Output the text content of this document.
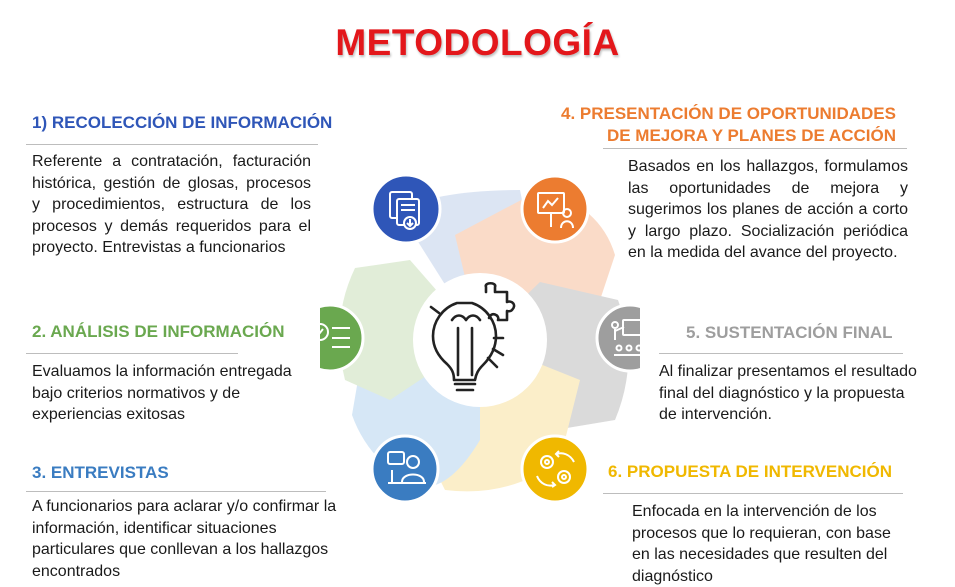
METODOLOGÍA
1) RECOLECCIÓN DE INFORMACIÓN
Referente a contratación, facturación histórica, gestión de glosas, procesos y procedimientos, estructura de los procesos y demás requeridos para el proyecto. Entrevistas a funcionarios
2. ANÁLISIS DE INFORMACIÓN
Evaluamos la información entregada bajo criterios normativos y de experiencias exitosas
3. ENTREVISTAS
A funcionarios para aclarar y/o confirmar la información, identificar situaciones particulares que conllevan a los hallazgos encontrados
4. PRESENTACIÓN DE OPORTUNIDADES
DE MEJORA Y PLANES DE ACCIÓN
Basados en los hallazgos, formulamos las oportunidades de mejora y sugerimos los planes de acción a corto y largo plazo. Socialización periódica en la medida del avance del proyecto.
5. SUSTENTACIÓN FINAL
Al finalizar presentamos el resultado final del diagnóstico y la propuesta de intervención.
6. PROPUESTA DE INTERVENCIÓN
Enfocada en la intervención de los procesos que lo requieran, con base en las necesidades que resulten del diagnóstico
